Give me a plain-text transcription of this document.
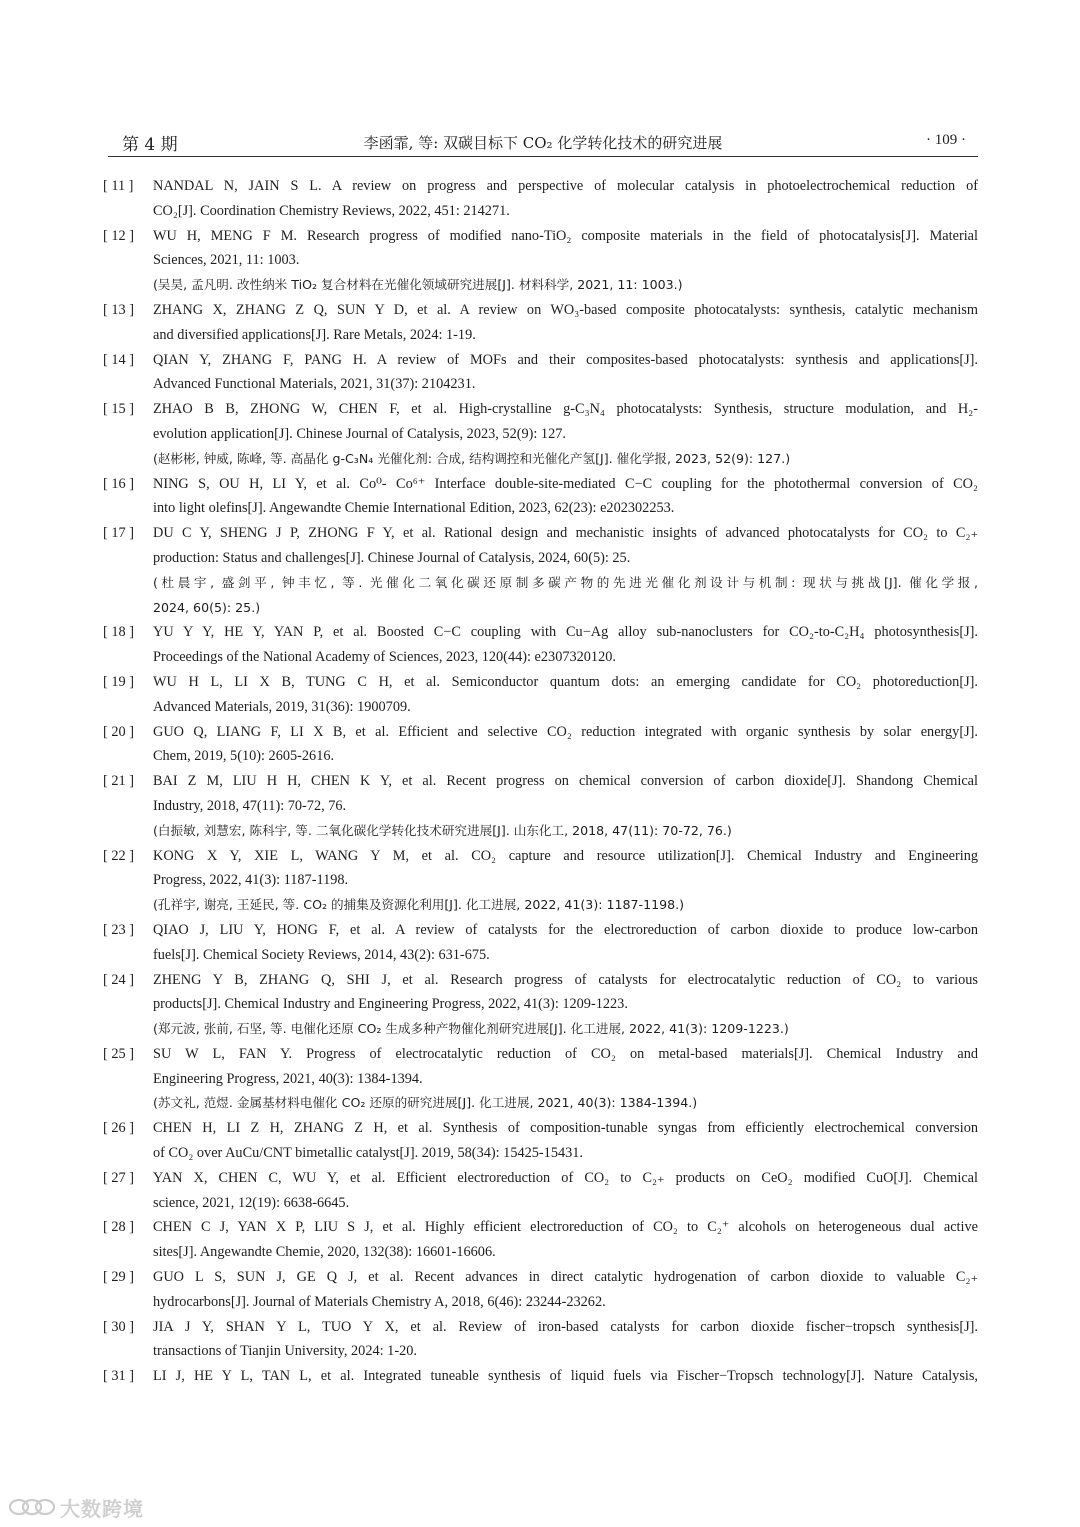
第 4 期	李函霏, 等: 双碳目标下 CO₂ 化学转化技术的研究进展	· 109 ·
[ 11 ] NANDAL N, JAIN S L. A review on progress and perspective of molecular catalysis in photoelectrochemical reduction of
CO₂[J]. Coordination Chemistry Reviews, 2022, 451: 214271.
[ 12 ] WU H, MENG F M. Research progress of modified nano-TiO₂ composite materials in the field of photocatalysis[J]. Material
Sciences, 2021, 11: 1003.
(吴昊, 孟凡明. 改性纳米 TiO₂ 复合材料在光催化领域研究进展[J]. 材料科学, 2021, 11: 1003.)
[ 13 ] ZHANG X, ZHANG Z Q, SUN Y D, et al. A review on WO₃-based composite photocatalysts: synthesis, catalytic mechanism
and diversified applications[J]. Rare Metals, 2024: 1-19.
[ 14 ] QIAN Y, ZHANG F, PANG H. A review of MOFs and their composites-based photocatalysts: synthesis and applications[J].
Advanced Functional Materials, 2021, 31(37): 2104231.
[ 15 ] ZHAO B B, ZHONG W, CHEN F, et al. High-crystalline g-C₃N₄ photocatalysts: Synthesis, structure modulation, and H₂-
evolution application[J]. Chinese Journal of Catalysis, 2023, 52(9): 127.
(赵彬彬, 钟威, 陈峰, 等. 高晶化 g-C₃N₄ 光催化剂: 合成, 结构调控和光催化产氢[J]. 催化学报, 2023, 52(9): 127.)
[ 16 ] NING S, OU H, LI Y, et al. Co⁰- Co⁶⁺ Interface double-site-mediated C−C coupling for the photothermal conversion of CO₂
into light olefins[J]. Angewandte Chemie International Edition, 2023, 62(23): e202302253.
[ 17 ] DU C Y, SHENG J P, ZHONG F Y, et al. Rational design and mechanistic insights of advanced photocatalysts for CO₂ to C₂₊
production: Status and challenges[J]. Chinese Journal of Catalysis, 2024, 60(5): 25.
(杜晨宇, 盛剑平, 钟丰忆, 等. 光催化二氧化碳还原制多碳产物的先进光催化剂设计与机制: 现状与挑战[J]. 催化学报,
2024, 60(5): 25.)
[ 18 ] YU Y Y, HE Y, YAN P, et al. Boosted C−C coupling with Cu−Ag alloy sub-nanoclusters for CO₂-to-C₂H₄ photosynthesis[J].
Proceedings of the National Academy of Sciences, 2023, 120(44): e2307320120.
[ 19 ] WU H L, LI X B, TUNG C H, et al. Semiconductor quantum dots: an emerging candidate for CO₂ photoreduction[J].
Advanced Materials, 2019, 31(36): 1900709.
[ 20 ] GUO Q, LIANG F, LI X B, et al. Efficient and selective CO₂ reduction integrated with organic synthesis by solar energy[J].
Chem, 2019, 5(10): 2605-2616.
[ 21 ] BAI Z M, LIU H H, CHEN K Y, et al. Recent progress on chemical conversion of carbon dioxide[J]. Shandong Chemical
Industry, 2018, 47(11): 70-72, 76.
(白振敏, 刘慧宏, 陈科宇, 等. 二氧化碳化学转化技术研究进展[J]. 山东化工, 2018, 47(11): 70-72, 76.)
[ 22 ] KONG X Y, XIE L, WANG Y M, et al. CO₂ capture and resource utilization[J]. Chemical Industry and Engineering
Progress, 2022, 41(3): 1187-1198.
(孔祥宇, 谢亮, 王延民, 等. CO₂ 的捕集及资源化利用[J]. 化工进展, 2022, 41(3): 1187-1198.)
[ 23 ] QIAO J, LIU Y, HONG F, et al. A review of catalysts for the electroreduction of carbon dioxide to produce low-carbon
fuels[J]. Chemical Society Reviews, 2014, 43(2): 631-675.
[ 24 ] ZHENG Y B, ZHANG Q, SHI J, et al. Research progress of catalysts for electrocatalytic reduction of CO₂ to various
products[J]. Chemical Industry and Engineering Progress, 2022, 41(3): 1209-1223.
(郑元波, 张前, 石坚, 等. 电催化还原 CO₂ 生成多种产物催化剂研究进展[J]. 化工进展, 2022, 41(3): 1209-1223.)
[ 25 ] SU W L, FAN Y. Progress of electrocatalytic reduction of CO₂ on metal-based materials[J]. Chemical Industry and
Engineering Progress, 2021, 40(3): 1384-1394.
(苏文礼, 范煜. 金属基材料电催化 CO₂ 还原的研究进展[J]. 化工进展, 2021, 40(3): 1384-1394.)
[ 26 ] CHEN H, LI Z H, ZHANG Z H, et al. Synthesis of composition-tunable syngas from efficiently electrochemical conversion
of CO₂ over AuCu/CNT bimetallic catalyst[J]. 2019, 58(34): 15425-15431.
[ 27 ] YAN X, CHEN C, WU Y, et al. Efficient electroreduction of CO₂ to C₂₊ products on CeO₂ modified CuO[J]. Chemical
science, 2021, 12(19): 6638-6645.
[ 28 ] CHEN C J, YAN X P, LIU S J, et al. Highly efficient electroreduction of CO₂ to C₂⁺ alcohols on heterogeneous dual active
sites[J]. Angewandte Chemie, 2020, 132(38): 16601-16606.
[ 29 ] GUO L S, SUN J, GE Q J, et al. Recent advances in direct catalytic hydrogenation of carbon dioxide to valuable C₂₊
hydrocarbons[J]. Journal of Materials Chemistry A, 2018, 6(46): 23244-23262.
[ 30 ] JIA J Y, SHAN Y L, TUO Y X, et al. Review of iron-based catalysts for carbon dioxide fischer−tropsch synthesis[J].
transactions of Tianjin University, 2024: 1-20.
[ 31 ] LI J, HE Y L, TAN L, et al. Integrated tuneable synthesis of liquid fuels via Fischer−Tropsch technology[J]. Nature Catalysis,
大数跨境
